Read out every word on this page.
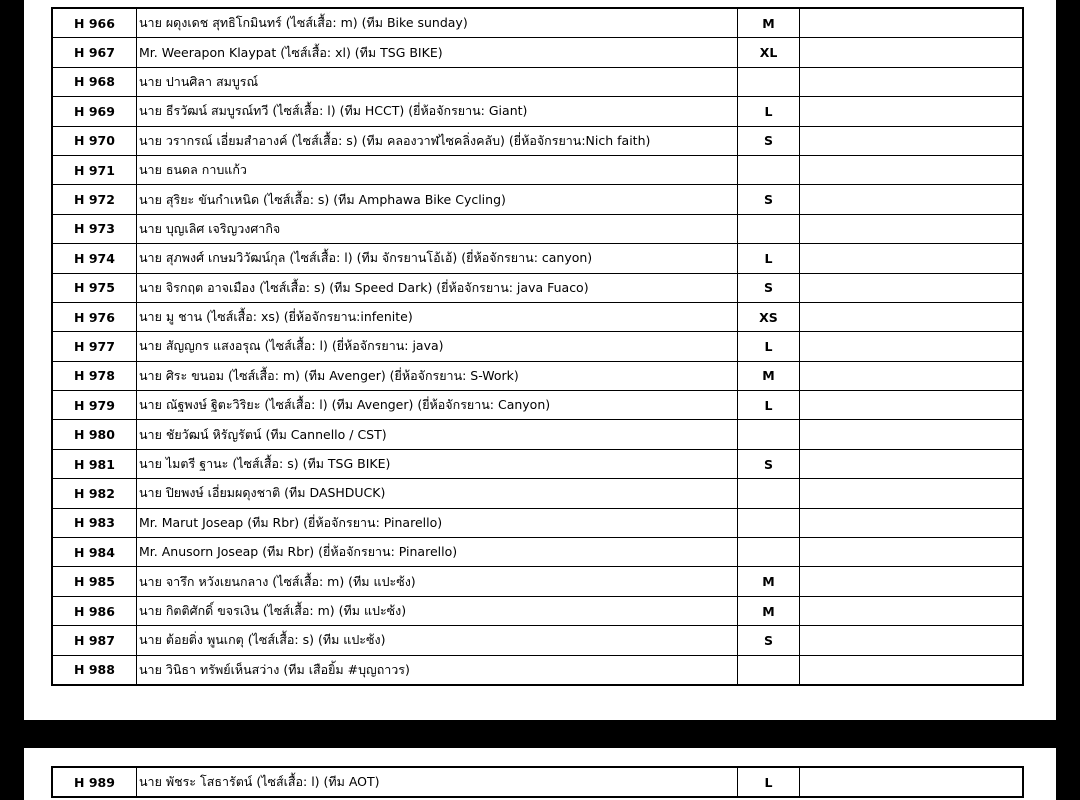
H 966	นาย ผดุงเดช สุทธิโกมินทร์ (ไซส์เสื้อ: m) (ทีม Bike sunday)	M	
H 967	Mr. Weerapon Klaypat (ไซส์เสื้อ: xl) (ทีม TSG BIKE)	XL	
H 968	นาย ปานศิลา สมบูรณ์		
H 969	นาย ธีรวัฒน์ สมบูรณ์ทวี (ไซส์เสื้อ: l) (ทีม HCCT) (ยี่ห้อจักรยาน: Giant)	L	
H 970	นาย วรากรณ์ เอี่ยมสำอางค์ (ไซส์เสื้อ: s) (ทีม คลองวาฬไซคลิ่งคลับ) (ยี่ห้อจักรยาน:Nich faith)	S	
H 971	นาย ธนดล กาบแก้ว		
H 972	นาย สุริยะ ขันกำเหนิด (ไซส์เสื้อ: s) (ทีม Amphawa Bike Cycling)	S	
H 973	นาย บุญเลิศ เจริญวงศากิจ		
H 974	นาย สุภพงศ์ เกษมวิวัฒน์กุล (ไซส์เสื้อ: l) (ทีม จักรยานโอ้เอ้) (ยี่ห้อจักรยาน: canyon)	L	
H 975	นาย จิรกฤต อาจเมือง (ไซส์เสื้อ: s) (ทีม Speed Dark) (ยี่ห้อจักรยาน: java Fuaco)	S	
H 976	นาย มู ชาน (ไซส์เสื้อ: xs) (ยี่ห้อจักรยาน:infenite)	XS	
H 977	นาย สัญญกร แสงอรุณ (ไซส์เสื้อ: l) (ยี่ห้อจักรยาน: java)	L	
H 978	นาย ศิระ ขนอม (ไซส์เสื้อ: m) (ทีม Avenger) (ยี่ห้อจักรยาน: S-Work)	M	
H 979	นาย ณัฐพงษ์ ฐิตะวิริยะ (ไซส์เสื้อ: l) (ทีม Avenger) (ยี่ห้อจักรยาน: Canyon)	L	
H 980	นาย ชัยวัฒน์ หิรัญรัตน์ (ทีม Cannello / CST)		
H 981	นาย ไมตรี ฐานะ (ไซส์เสื้อ: s) (ทีม TSG BIKE)	S	
H 982	นาย ปิยพงษ์ เอี่ยมผดุงชาติ (ทีม DASHDUCK)		
H 983	Mr. Marut Joseap (ทีม Rbr) (ยี่ห้อจักรยาน: Pinarello)		
H 984	Mr. Anusorn Joseap (ทีม Rbr) (ยี่ห้อจักรยาน: Pinarello)		
H 985	นาย จารึก หวังเยนกลาง (ไซส์เสื้อ: m) (ทีม แปะซ้ง)	M	
H 986	นาย กิตติศักดิ์ ขจรเงิน (ไซส์เสื้อ: m) (ทีม แปะซ้ง)	M	
H 987	นาย ต้อยติ่ง พูนเกตุ (ไซส์เสื้อ: s) (ทีม แปะซ้ง)	S	
H 988	นาย วินิธา ทรัพย์เห็นสว่าง (ทีม เสือยิ้ม #บุญถาวร)		
H 989	นาย พัชระ โสธารัตน์ (ไซส์เสื้อ: l) (ทีม AOT)	L	
